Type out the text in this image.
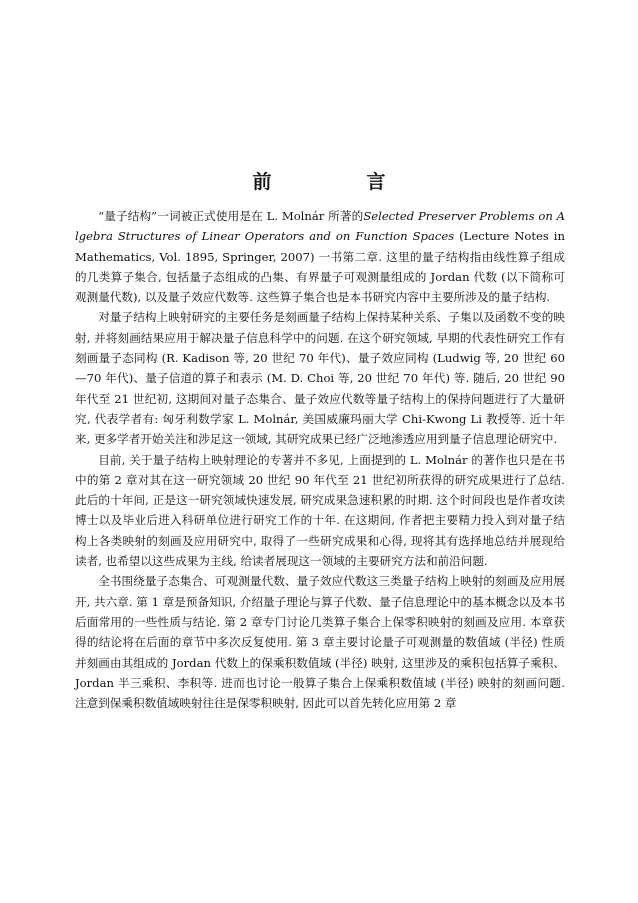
前　言

“量子结构”一词被正式使用是在 L. Molnár 所著的Selected Preserver Problems on Algebra Structures of Linear Operators and on Function Spaces (Lecture Notes in Mathematics, Vol. 1895, Springer, 2007) 一书第二章. 这里的量子结构指由线性算子组成的几类算子集合, 包括量子态组成的凸集、有界量子可观测量组成的 Jordan 代数 (以下简称可观测量代数), 以及量子效应代数等. 这些算子集合也是本书研究内容中主要所涉及的量子结构.

对量子结构上映射研究的主要任务是刻画量子结构上保持某种关系、子集以及函数不变的映射, 并将刻画结果应用于解决量子信息科学中的问题. 在这个研究领域, 早期的代表性研究工作有刻画量子态同构 (R. Kadison 等, 20 世纪 70 年代)、量子效应同构 (Ludwig 等, 20 世纪 60—70 年代)、量子信道的算子和表示 (M. D. Choi 等, 20 世纪 70 年代) 等. 随后, 20 世纪 90 年代至 21 世纪初, 这期间对量子态集合、量子效应代数等量子结构上的保持问题进行了大量研究, 代表学者有: 匈牙利数学家 L. Molnár, 美国威廉玛丽大学 Chi-Kwong Li 教授等. 近十年来, 更多学者开始关注和涉足这一领域, 其研究成果已经广泛地渗透应用到量子信息理论研究中.

目前, 关于量子结构上映射理论的专著并不多见, 上面提到的 L. Molnár 的著作也只是在书中的第 2 章对其在这一研究领域 20 世纪 90 年代至 21 世纪初所获得的研究成果进行了总结. 此后的十年间, 正是这一研究领域快速发展, 研究成果急速积累的时期. 这个时间段也是作者攻读博士以及毕业后进入科研单位进行研究工作的十年. 在这期间, 作者把主要精力投入到对量子结构上各类映射的刻画及应用研究中, 取得了一些研究成果和心得, 现将其有选择地总结并展现给读者, 也希望以这些成果为主线, 给读者展现这一领域的主要研究方法和前沿问题.

全书围绕量子态集合、可观测量代数、量子效应代数这三类量子结构上映射的刻画及应用展开, 共六章. 第 1 章是预备知识, 介绍量子理论与算子代数、量子信息理论中的基本概念以及本书后面常用的一些性质与结论. 第 2 章专门讨论几类算子集合上保零积映射的刻画及应用. 本章获得的结论将在后面的章节中多次反复使用. 第 3 章主要讨论量子可观测量的数值域 (半径) 性质并刻画由其组成的 Jordan 代数上的保乘积数值域 (半径) 映射, 这里涉及的乘积包括算子乘积、Jordan 半三乘积、李积等. 进而也讨论一般算子集合上保乘积数值域 (半径) 映射的刻画问题. 注意到保乘积数值域映射往往是保零积映射, 因此可以首先转化应用第 2 章
